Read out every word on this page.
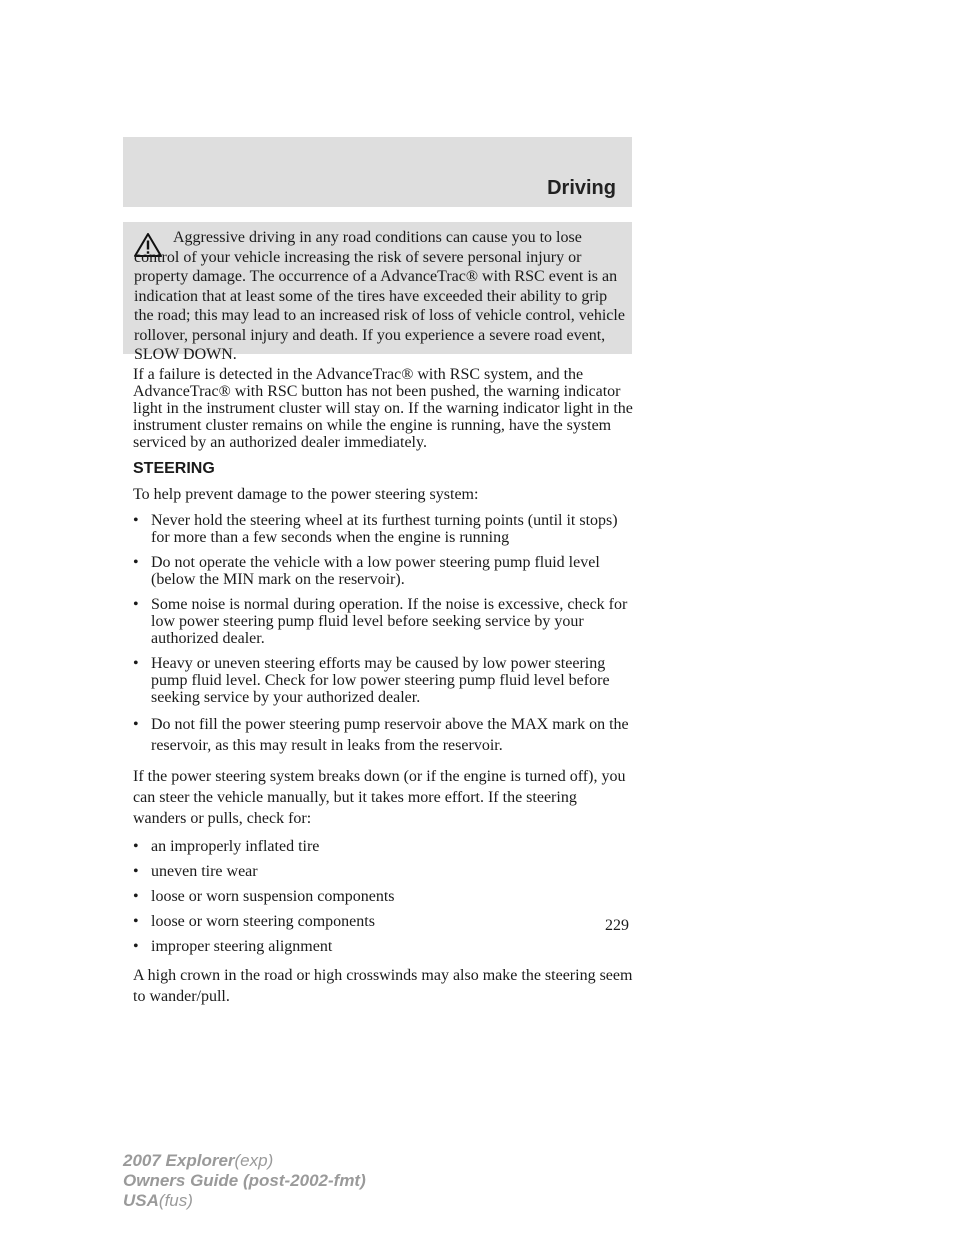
Driving

Aggressive driving in any road conditions can cause you to lose control of your vehicle increasing the risk of severe personal injury or property damage. The occurrence of a AdvanceTrac® with RSC event is an indication that at least some of the tires have exceeded their ability to grip the road; this may lead to an increased risk of loss of vehicle control, vehicle rollover, personal injury and death. If you experience a severe road event, SLOW DOWN.

If a failure is detected in the AdvanceTrac® with RSC system, and the AdvanceTrac® with RSC button has not been pushed, the warning indicator light in the instrument cluster will stay on. If the warning indicator light in the instrument cluster remains on while the engine is running, have the system serviced by an authorized dealer immediately.

STEERING

To help prevent damage to the power steering system:

• Never hold the steering wheel at its furthest turning points (until it stops) for more than a few seconds when the engine is running
• Do not operate the vehicle with a low power steering pump fluid level (below the MIN mark on the reservoir).
• Some noise is normal during operation. If the noise is excessive, check for low power steering pump fluid level before seeking service by your authorized dealer.
• Heavy or uneven steering efforts may be caused by low power steering pump fluid level. Check for low power steering pump fluid level before seeking service by your authorized dealer.
• Do not fill the power steering pump reservoir above the MAX mark on the reservoir, as this may result in leaks from the reservoir.

If the power steering system breaks down (or if the engine is turned off), you can steer the vehicle manually, but it takes more effort. If the steering wanders or pulls, check for:

• an improperly inflated tire
• uneven tire wear
• loose or worn suspension components
• loose or worn steering components
• improper steering alignment

A high crown in the road or high crosswinds may also make the steering seem to wander/pull.

229
2007 Explorer(exp)
Owners Guide (post-2002-fmt)
USA(fus)
